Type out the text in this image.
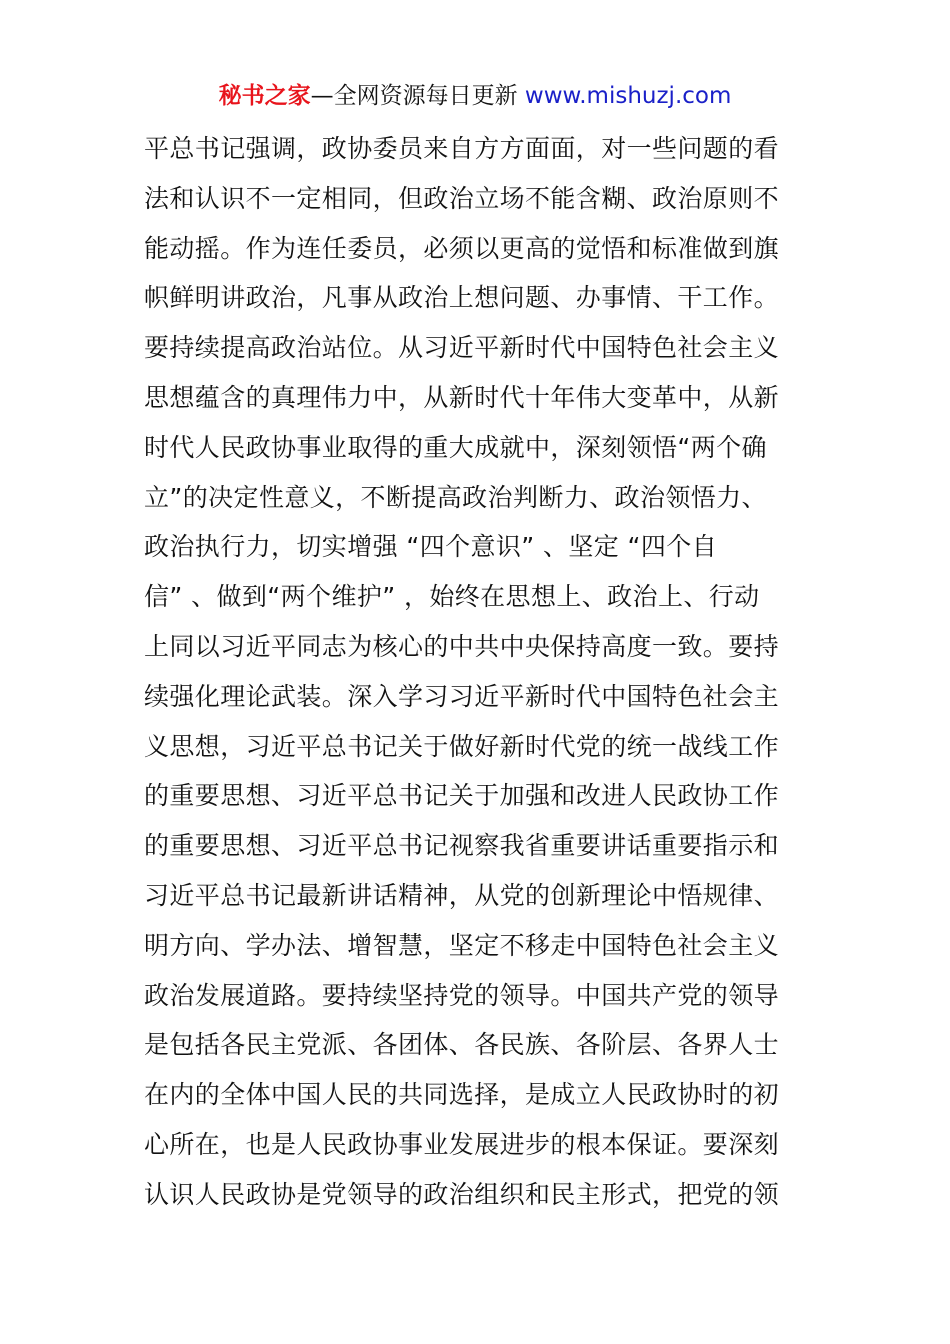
秘书之家—全网资源每日更新 www.mishuzj.com
平总书记强调，政协委员来自方方面面，对一些问题的看
法和认识不一定相同，但政治立场不能含糊、政治原则不
能动摇。作为连任委员，必须以更高的觉悟和标准做到旗
帜鲜明讲政治，凡事从政治上想问题、办事情、干工作。
要持续提高政治站位。从习近平新时代中国特色社会主义
思想蕴含的真理伟力中，从新时代十年伟大变革中，从新
时代人民政协事业取得的重大成就中，深刻领悟“两个确
立”的决定性意义，不断提高政治判断力、政治领悟力、
政治执行力，切实增强 “四个意识” 、坚定 “四个自
信” 、做到“两个维护” ，始终在思想上、政治上、行动
上同以习近平同志为核心的中共中央保持高度一致。要持
续强化理论武装。深入学习习近平新时代中国特色社会主
义思想，习近平总书记关于做好新时代党的统一战线工作
的重要思想、习近平总书记关于加强和改进人民政协工作
的重要思想、习近平总书记视察我省重要讲话重要指示和
习近平总书记最新讲话精神，从党的创新理论中悟规律、
明方向、学办法、增智慧，坚定不移走中国特色社会主义
政治发展道路。要持续坚持党的领导。中国共产党的领导
是包括各民主党派、各团体、各民族、各阶层、各界人士
在内的全体中国人民的共同选择，是成立人民政协时的初
心所在，也是人民政协事业发展进步的根本保证。要深刻
认识人民政协是党领导的政治组织和民主形式，把党的领
